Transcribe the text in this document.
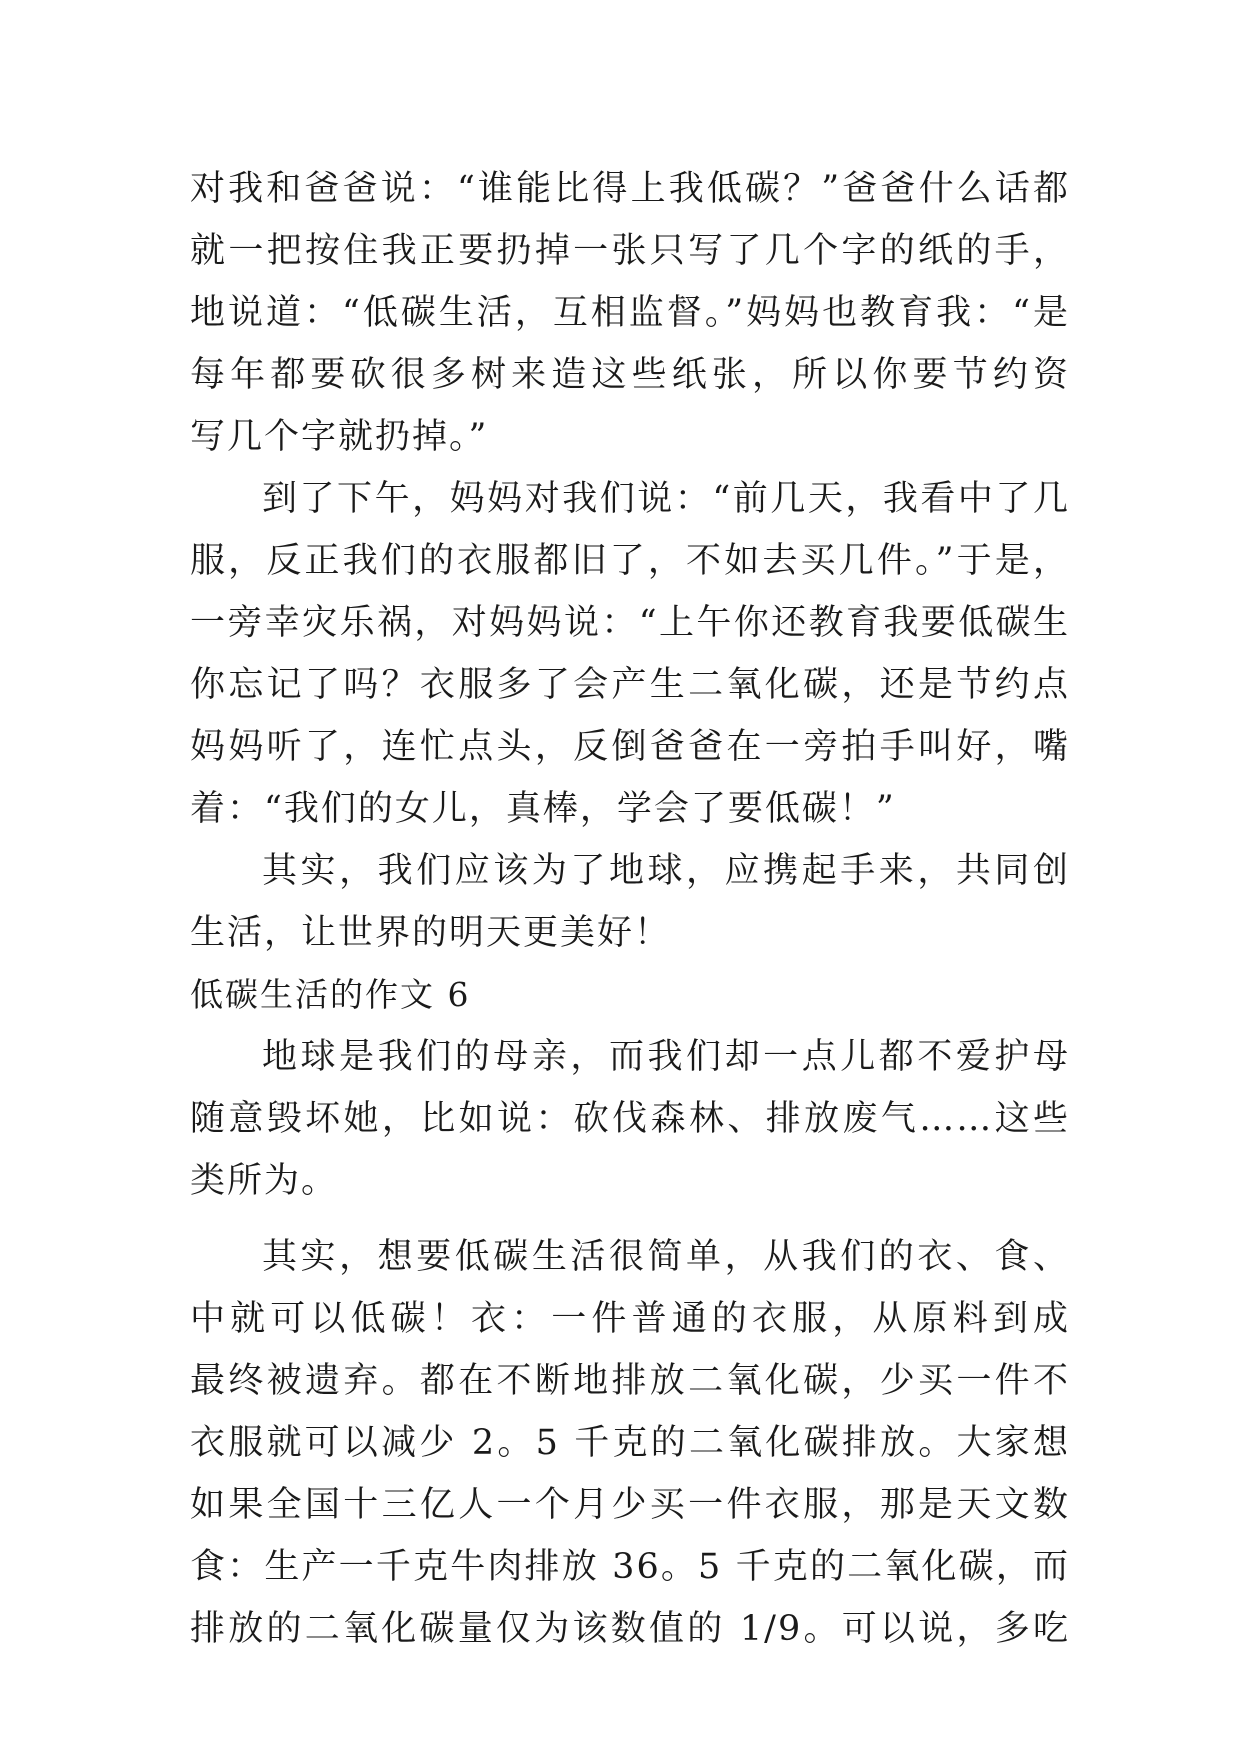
对我和爸爸说：“谁能比得上我低碳？”爸爸什么话都
就一把按住我正要扔掉一张只写了几个字的纸的手，
地说道：“低碳生活，互相监督。”妈妈也教育我：“是
每年都要砍很多树来造这些纸张，所以你要节约资
写几个字就扔掉。”
到了下午，妈妈对我们说：“前几天，我看中了几
服，反正我们的衣服都旧了，不如去买几件。”于是，
一旁幸灾乐祸，对妈妈说：“上午你还教育我要低碳生
你忘记了吗？衣服多了会产生二氧化碳，还是节约点
妈妈听了，连忙点头，反倒爸爸在一旁拍手叫好，嘴
着：“我们的女儿，真棒，学会了要低碳！”
其实，我们应该为了地球，应携起手来，共同创
生活，让世界的明天更美好！
低碳生活的作文 6
地球是我们的母亲，而我们却一点儿都不爱护母
随意毁坏她，比如说：砍伐森林、排放废气……这些
类所为。
其实，想要低碳生活很简单，从我们的衣、食、
中就可以低碳！衣：一件普通的衣服，从原料到成
最终被遗弃。都在不断地排放二氧化碳，少买一件不
衣服就可以减少 2。5 千克的二氧化碳排放。大家想
如果全国十三亿人一个月少买一件衣服，那是天文数
食：生产一千克牛肉排放 36。5 千克的二氧化碳，而
排放的二氧化碳量仅为该数值的 1/9。可以说，多吃
